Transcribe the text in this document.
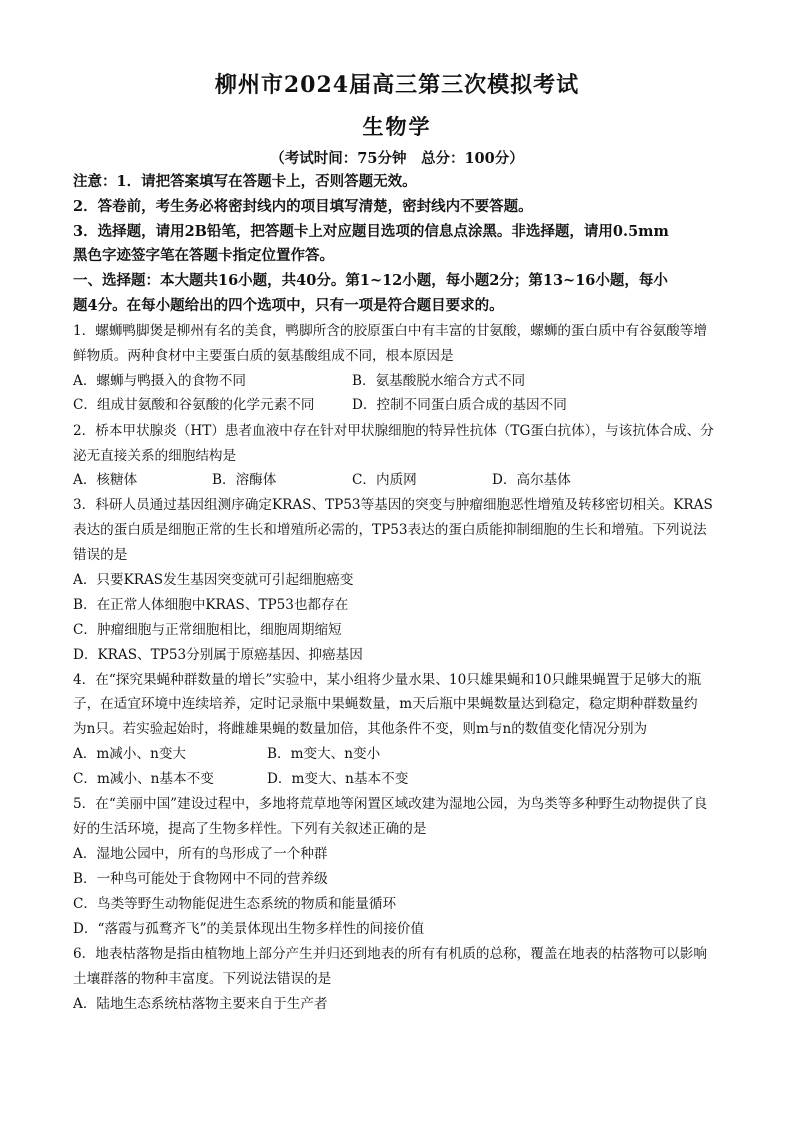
柳州市2024届高三第三次模拟考试
生物学
（考试时间：75分钟　总分：100分）
注意：1．请把答案填写在答题卡上，否则答题无效。
2．答卷前，考生务必将密封线内的项目填写清楚，密封线内不要答题。
3．选择题，请用2B铅笔，把答题卡上对应题目选项的信息点涂黑。非选择题，请用0.5mm
黑色字迹签字笔在答题卡指定位置作答。
一、选择题：本大题共16小题，共40分。第1~12小题，每小题2分；第13~16小题，每小
题4分。在每小题给出的四个选项中，只有一项是符合题目要求的。
1．螺蛳鸭脚煲是柳州有名的美食，鸭脚所含的胶原蛋白中有丰富的甘氨酸，螺蛳的蛋白质中有谷氨酸等增
鲜物质。两种食材中主要蛋白质的氨基酸组成不同，根本原因是
A．螺蛳与鸭摄入的食物不同	B．氨基酸脱水缩合方式不同
C．组成甘氨酸和谷氨酸的化学元素不同	D．控制不同蛋白质合成的基因不同
2．桥本甲状腺炎（HT）患者血液中存在针对甲状腺细胞的特异性抗体（TG蛋白抗体），与该抗体合成、分
泌无直接关系的细胞结构是
A．核糖体	B．溶酶体	C．内质网	D．高尔基体
3．科研人员通过基因组测序确定KRAS、TP53等基因的突变与肿瘤细胞恶性增殖及转移密切相关。KRAS
表达的蛋白质是细胞正常的生长和增殖所必需的，TP53表达的蛋白质能抑制细胞的生长和增殖。下列说法
错误的是
A．只要KRAS发生基因突变就可引起细胞癌变
B．在正常人体细胞中KRAS、TP53也都存在
C．肿瘤细胞与正常细胞相比，细胞周期缩短
D．KRAS、TP53分别属于原癌基因、抑癌基因
4．在“探究果蝇种群数量的增长”实验中，某小组将少量水果、10只雄果蝇和10只雌果蝇置于足够大的瓶
子，在适宜环境中连续培养，定时记录瓶中果蝇数量，m天后瓶中果蝇数量达到稳定，稳定期种群数量约
为n只。若实验起始时，将雌雄果蝇的数量加倍，其他条件不变，则m与n的数值变化情况分别为
A．m减小、n变大	B．m变大、n变小
C．m减小、n基本不变	D．m变大、n基本不变
5．在“美丽中国”建设过程中，多地将荒草地等闲置区域改建为湿地公园，为鸟类等多种野生动物提供了良
好的生活环境，提高了生物多样性。下列有关叙述正确的是
A．湿地公园中，所有的鸟形成了一个种群
B．一种鸟可能处于食物网中不同的营养级
C．鸟类等野生动物能促进生态系统的物质和能量循环
D．“落霞与孤鹜齐飞”的美景体现出生物多样性的间接价值
6．地表枯落物是指由植物地上部分产生并归还到地表的所有有机质的总称，覆盖在地表的枯落物可以影响
土壤群落的物种丰富度。下列说法错误的是
A．陆地生态系统枯落物主要来自于生产者
